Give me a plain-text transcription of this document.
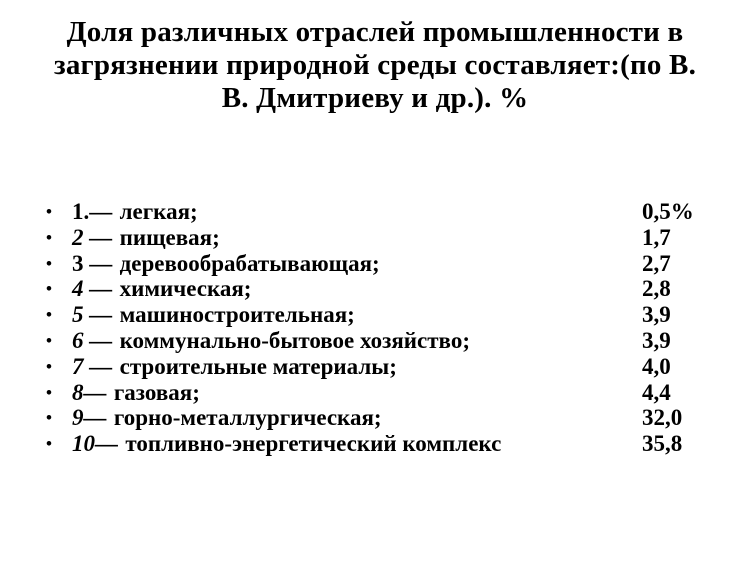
Доля различных отраслей промышленности в
загрязнении природной среды составляет:(по В.
В. Дмитриеву и др.). %
• 1.— легкая;	0,5%
• 2 — пищевая;	1,7
• 3 — деревообрабатывающая;	2,7
• 4 — химическая;	2,8
• 5 — машиностроительная;	3,9
• 6 — коммунально-бытовое хозяйство;	3,9
• 7 — строительные материалы;	4,0
• 8— газовая;	4,4
• 9— горно-металлургическая;	32,0
• 10— топливно-энергетический комплекс	35,8
